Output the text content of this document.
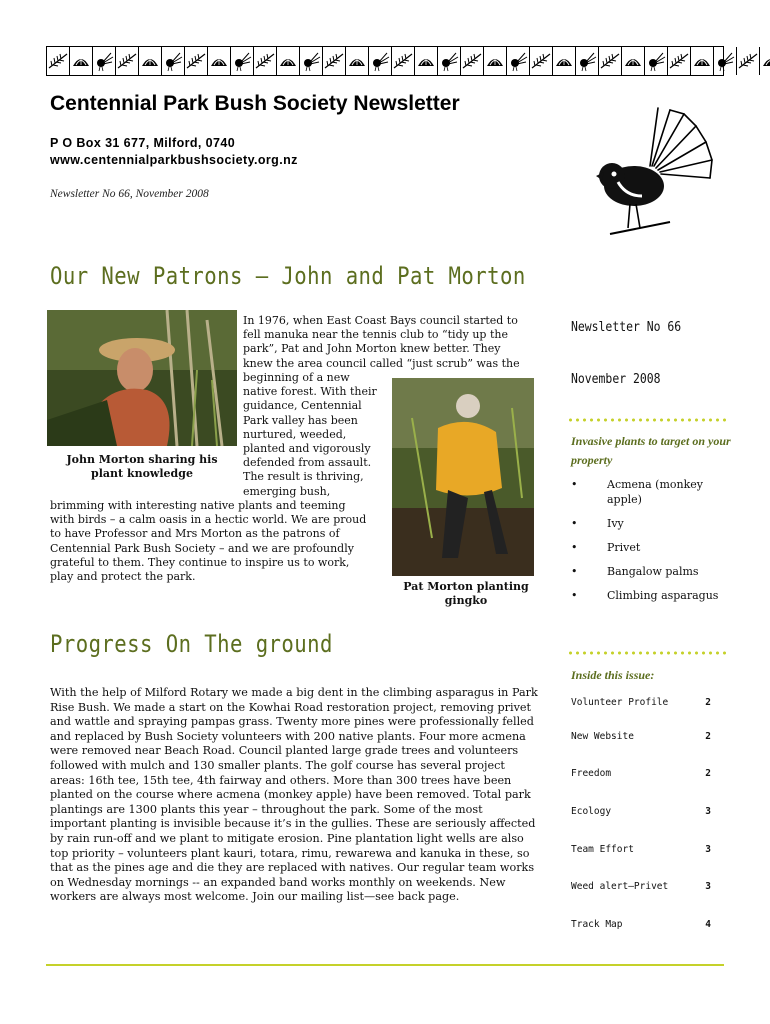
Centennial Park Bush Society Newsletter
P O Box 31 677, Milford, 0740
www.centennialparkbushsociety.org.nz
Newsletter No 66, November 2008
Our New Patrons — John and Pat Morton
John Morton sharing his plant knowledge
Pat Morton planting gingko

In 1976, when East Coast Bays council started to

fell manuka near the tennis club to “tidy up the

park”, Pat and John Morton knew better. They

knew the area council called “just scrub” was the

beginning of a new

native forest. With their

guidance, Centennial

Park valley has been

nurtured, weeded,

planted and vigorously

defended from assault.

The result is thriving,

emerging bush,

brimming with interesting native plants and teeming

with birds – a calm oasis in a hectic world. We are proud

to have Professor and Mrs Morton as the patrons of

Centennial Park Bush Society – and we are profoundly

grateful to them. They continue to inspire us to work,

play and protect the park.

Progress On The ground
With the help of Milford Rotary we made a big dent in the climbing asparagus in Park Rise Bush. We made a start on the Kowhai Road restoration project, removing privet and wattle and spraying pampas grass. Twenty more pines were professionally felled and replaced by Bush Society volunteers with 200 native plants. Four more acmena were removed near Beach Road. Council planted large grade trees and volunteers followed with mulch and 130 smaller plants. The golf course has several project areas: 16th tee, 15th tee, 4th fairway and others. More than 300 trees have been planted on the course where acmena (monkey apple) have been removed. Total park plantings are 1300 plants this year – throughout the park. Some of the most important planting is invisible because it’s in the gullies. These are seriously affected by rain run-off and we plant to mitigate erosion. Pine plantation light wells are also top priority – volunteers plant kauri, totara, rimu, rewarewa and kanuka in these, so that as the pines age and die they are replaced with natives. Our regular team works on Wednesday mornings -- an expanded band works monthly on weekends. New workers are always most welcome. Join our mailing list—see back page.
Newsletter No 66
November 2008
Invasive plants to target on your property
•	Acmena (monkey apple)
•	Ivy
•	Privet
•	Bangalow palms
•	Climbing asparagus
Inside this issue:
Volunteer Profile	2
New Website	2
Freedom	2
Ecology	3
Team Effort	3
Weed alert—Privet	3
Track Map	4
